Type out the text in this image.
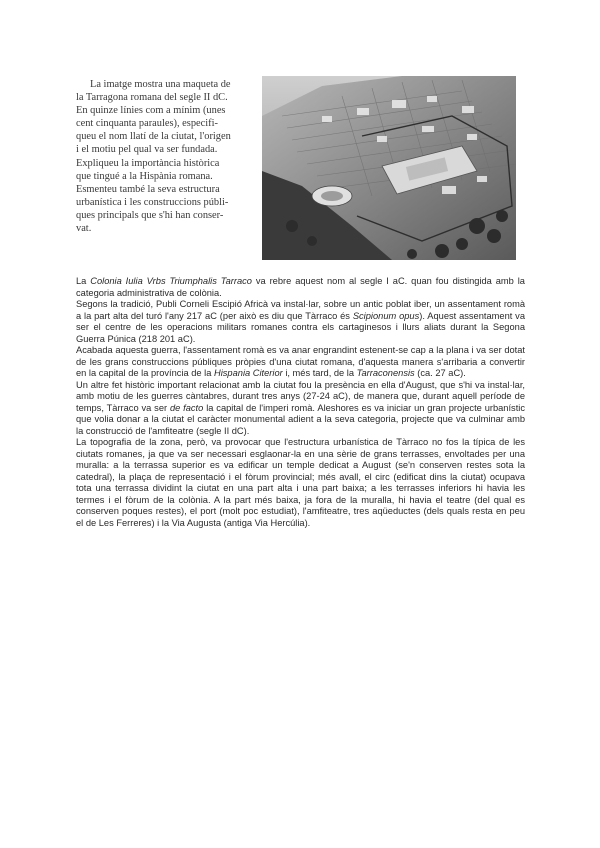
La imatge mostra una maqueta de
la Tarragona romana del segle II dC.
En quinze línies com a mínim (unes
cent cinquanta paraules), especifi-
queu el nom llatí de la ciutat, l'origen
i el motiu pel qual va ser fundada.
Expliqueu la importància històrica
que tingué a la Hispània romana.
Esmenteu també la seva estructura
urbanística i les construccions públi-
ques principals que s'hi han conser-
vat.

La Colonia Iulia Vrbs Triumphalis Tarraco va rebre aquest nom al segle I aC. quan fou distingida amb la categoria administrativa de colònia.

Segons la tradició, Publi Corneli Escipió Africà va instal·lar, sobre un antic poblat iber, un assentament romà a la part alta del turó l'any 217 aC (per això es diu que Tàrraco és Scipionum opus). Aquest assentament va ser el centre de les operacions militars romanes contra els cartaginesos i llurs aliats durant la Segona Guerra Púnica (218 201 aC).

Acabada aquesta guerra, l'assentament romà es va anar engrandint estenent-se cap a la plana i va ser dotat de les grans construccions públiques pròpies d'una ciutat romana, d'aquesta manera s'arribaria a convertir en la capital de la província de la Hispania Citerior i, més tard, de la Tarraconensis (ca. 27 aC).

Un altre fet històric important relacionat amb la ciutat fou la presència en ella d'August, que s'hi va instal·lar, amb motiu de les guerres càntabres, durant tres anys (27-24 aC), de manera que, durant aquell període de temps, Tàrraco va ser de facto la capital de l'imperi romà. Aleshores es va iniciar un gran projecte urbanístic que volia donar a la ciutat el caràcter monumental adient a la seva categoria, projecte que va culminar amb la construcció de l'amfiteatre (segle II dC).

La topografia de la zona, però, va provocar que l'estructura urbanística de Tàrraco no fos la típica de les ciutats romanes, ja que va ser necessari esglaonar-la en una sèrie de grans terrasses, envoltades per una muralla: a la terrassa superior es va edificar un temple dedicat a August (se'n conserven restes sota la catedral), la plaça de representació i el fòrum provincial; més avall, el circ (edificat dins la ciutat) ocupava tota una terrassa dividint la ciutat en una part alta i una part baixa; a les terrasses inferiors hi havia les termes i el fòrum de la colònia. A la part més baixa, ja fora de la muralla, hi havia el teatre (del qual es conserven poques restes), el port (molt poc estudiat), l'amfiteatre, tres aqüeductes (dels quals resta en peu el de Les Ferreres) i la Via Augusta (antiga Via Hercúlia).
